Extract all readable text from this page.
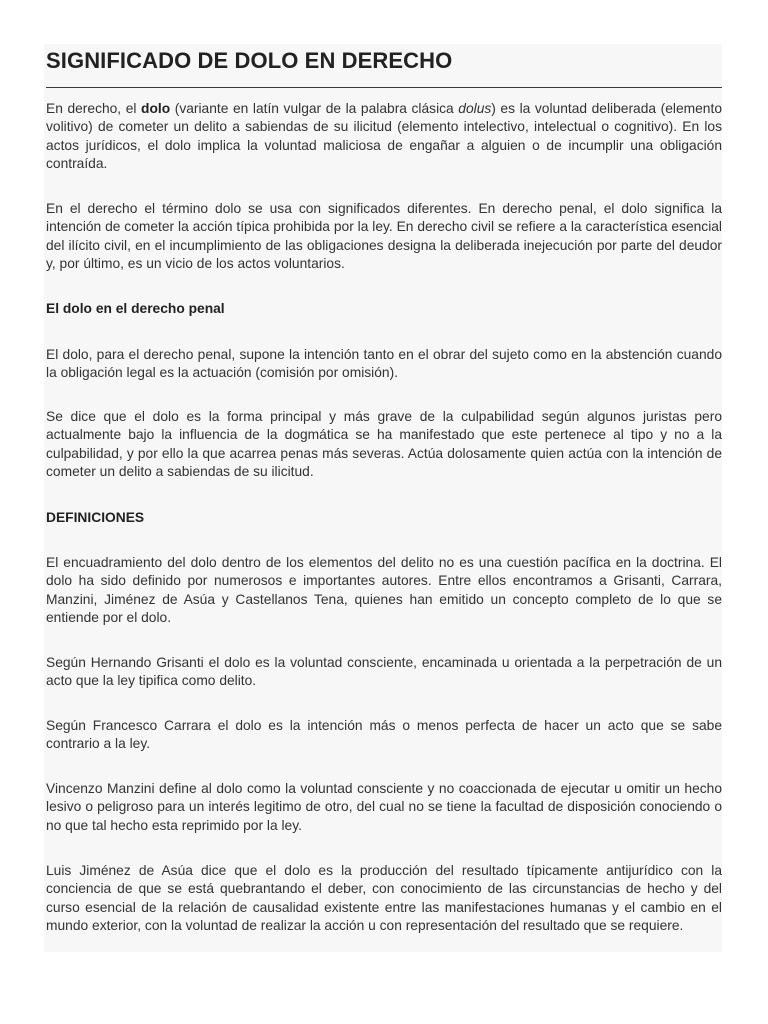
SIGNIFICADO DE DOLO EN DERECHO

En derecho, el dolo (variante en latín vulgar de la palabra clásica dolus) es la voluntad deliberada (elemento volitivo) de cometer un delito a sabiendas de su ilicitud (elemento intelectivo, intelectual o cognitivo). En los actos jurídicos, el dolo implica la voluntad maliciosa de engañar a alguien o de incumplir una obligación contraída.

En el derecho el término dolo se usa con significados diferentes. En derecho penal, el dolo significa la intención de cometer la acción típica prohibida por la ley. En derecho civil se refiere a la característica esencial del ilícito civil, en el incumplimiento de las obligaciones designa la deliberada inejecución por parte del deudor y, por último, es un vicio de los actos voluntarios.

El dolo en el derecho penal

El dolo, para el derecho penal, supone la intención tanto en el obrar del sujeto como en la abstención cuando la obligación legal es la actuación (comisión por omisión).

Se dice que el dolo es la forma principal y más grave de la culpabilidad según algunos juristas pero actualmente bajo la influencia de la dogmática se ha manifestado que este pertenece al tipo y no a la culpabilidad, y por ello la que acarrea penas más severas. Actúa dolosamente quien actúa con la intención de cometer un delito a sabiendas de su ilicitud.

DEFINICIONES

El encuadramiento del dolo dentro de los elementos del delito no es una cuestión pacífica en la doctrina. El dolo ha sido definido por numerosos e importantes autores. Entre ellos encontramos a Grisanti, Carrara, Manzini, Jiménez de Asúa y Castellanos Tena, quienes han emitido un concepto completo de lo que se entiende por el dolo.

Según Hernando Grisanti el dolo es la voluntad consciente, encaminada u orientada a la perpetración de un acto que la ley tipifica como delito.

Según Francesco Carrara el dolo es la intención más o menos perfecta de hacer un acto que se sabe contrario a la ley.

Vincenzo Manzini define al dolo como la voluntad consciente y no coaccionada de ejecutar u omitir un hecho lesivo o peligroso para un interés legitimo de otro, del cual no se tiene la facultad de disposición conociendo o no que tal hecho esta reprimido por la ley.

Luis Jiménez de Asúa dice que el dolo es la producción del resultado típicamente antijurídico con la conciencia de que se está quebrantando el deber, con conocimiento de las circunstancias de hecho y del curso esencial de la relación de causalidad existente entre las manifestaciones humanas y el cambio en el mundo exterior, con la voluntad de realizar la acción u con representación del resultado que se requiere.
